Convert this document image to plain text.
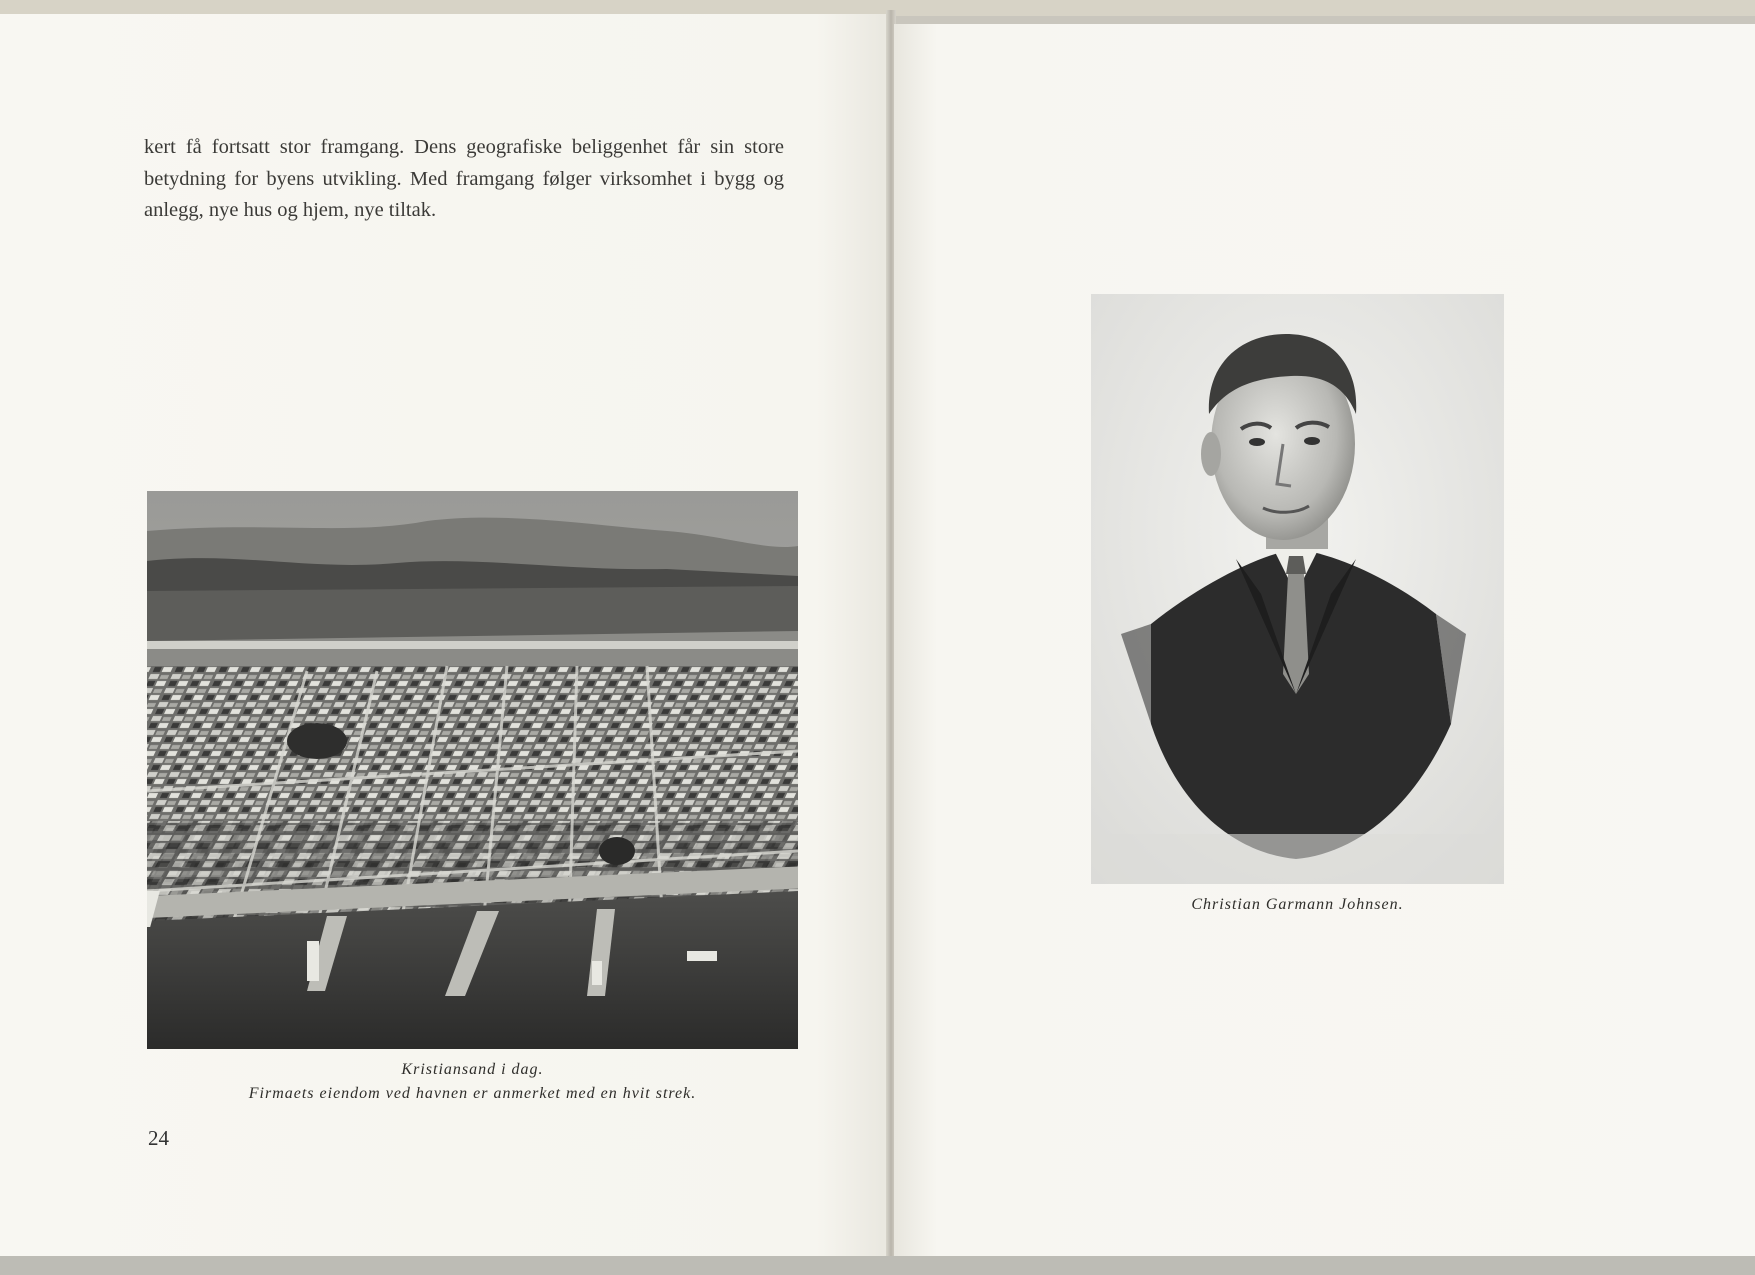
kert få fortsatt stor framgang. Dens geografiske beliggenhet får sin store betydning for byens utvikling. Med framgang følger virksomhet i bygg og anlegg, nye hus og hjem, nye tiltak.

Kristiansand i dag.

Firmaets eiendom ved havnen er anmerket med en hvit strek.

24

Christian Garmann Johnsen.
